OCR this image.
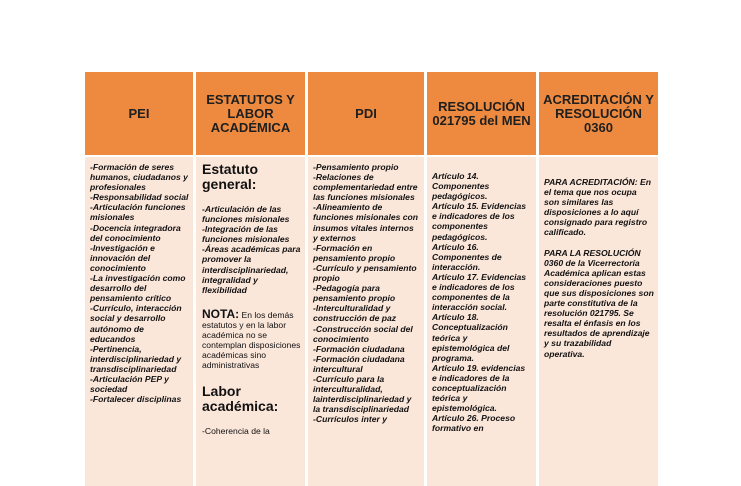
PEI
ESTATUTOS Y LABOR ACADÉMICA
PDI	RESOLUCIÓN 021795 del MEN
ACREDITACIÓN Y RESOLUCIÓN 0360
-Formación de seres humanos, ciudadanos y profesionales
-Responsabilidad social
-Articulación funciones misionales
-Docencia integradora del conocimiento
-Investigación e innovación del conocimiento
-La investigación como desarrollo del pensamiento crítico
-Currículo, interacción social y desarrollo autónomo de educandos
-Pertinencia, interdisciplinariedad y transdisciplinariedad
-Articulación PEP y sociedad
-Fortalecer disciplinas
Estatuto general:
-Articulación de las funciones misionales
-Integración de las funciones misionales
-Áreas académicas para promover la interdisciplinariedad, integralidad y flexibilidad
NOTA: En los demás estatutos y en la labor académica no se contemplan disposiciones académicas sino administrativas
Labor académica:
-Coherencia de la
-Pensamiento propio
-Relaciones de complementariedad entre las funciones misionales
-Alineamiento de funciones misionales con insumos vitales internos y externos
-Formación en pensamiento propio
-Currículo y pensamiento propio
-Pedagogía para pensamiento propio
-Interculturalidad y construcción de paz
-Construcción social del conocimiento
-Formación ciudadana
-Formación ciudadana intercultural
-Currículo para la interculturalidad, lainterdisciplinariedad y la transdisciplinariedad
-Currículos inter y
Artículo 14. Componentes pedagógicos.
Artículo 15. Evidencias e indicadores de los componentes pedagógicos.
Artículo 16. Componentes de interacción.
Artículo 17. Evidencias e indicadores de los componentes de la interacción social.
Artículo 18. Conceptualización teórica y epistemológica del programa.
Artículo 19. evidencias e indicadores de la conceptualización teórica y epistemológica.
Artículo 26. Proceso formativo en
PARA ACREDITACIÓN: En el tema que nos ocupa son similares las disposiciones a lo aquí consignado para registro calificado.
PARA LA RESOLUCIÓN 0360 de la Vicerrectoría Académica aplican estas consideraciones puesto que sus disposiciones son parte constitutiva de la resolución 021795. Se resalta el énfasis en los resultados de aprendizaje y su trazabilidad operativa.
